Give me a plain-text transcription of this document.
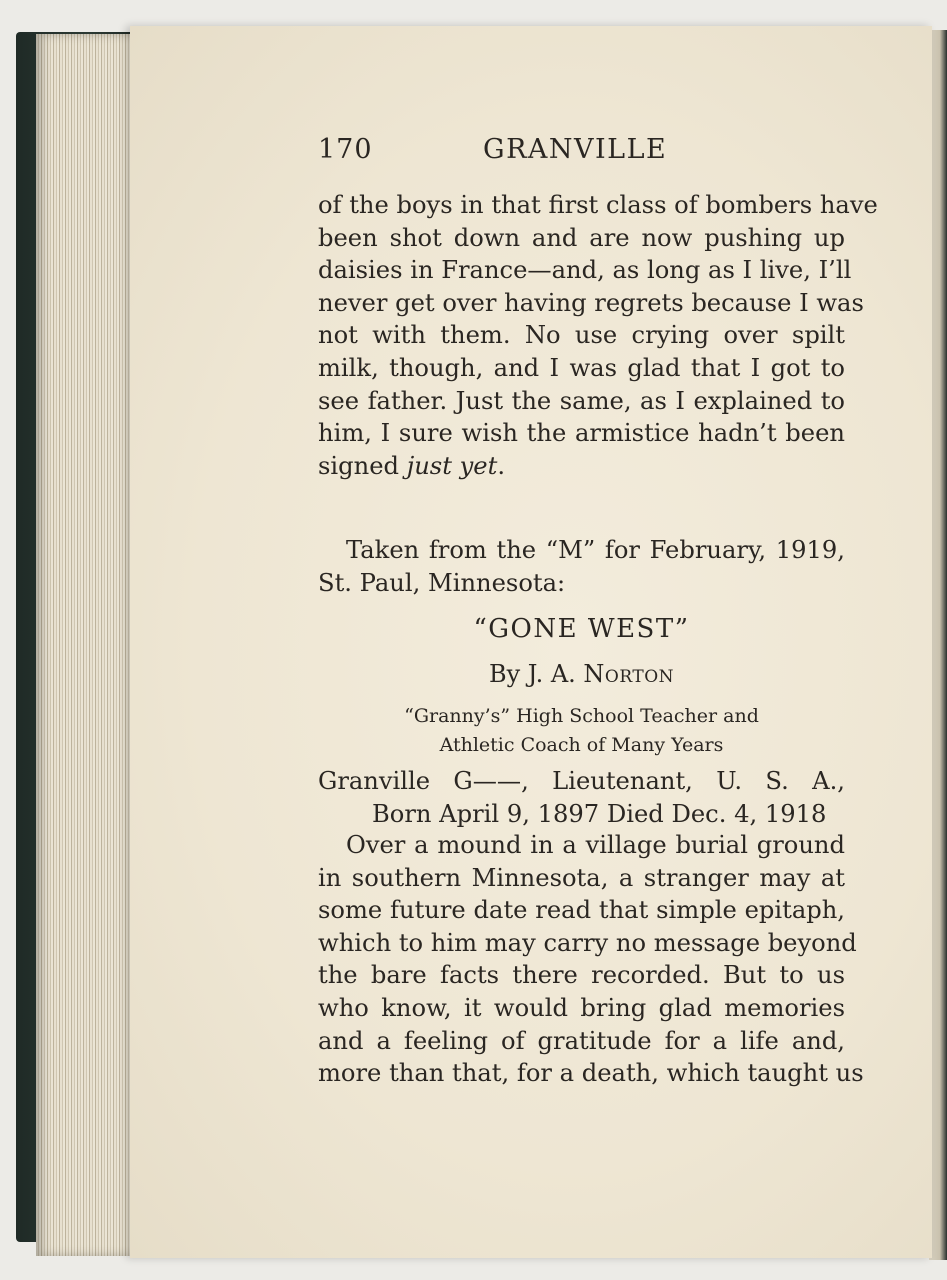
170	GRANVILLE
of the boys in that first class of bombers have
been shot down and are now pushing up
daisies in France—and, as long as I live, I’ll
never get over having regrets because I was
not with them. No use crying over spilt
milk, though, and I was glad that I got to
see father. Just the same, as I explained to
him, I sure wish the armistice hadn’t been
signed just yet.
Taken from the “M” for February, 1919,
St. Paul, Minnesota:
“GONE WEST”
By J. A. Norton
“Granny’s” High School Teacher and
Athletic Coach of Many Years
Granville G——, Lieutenant, U. S. A.,
Born April 9, 1897 Died Dec. 4, 1918
Over a mound in a village burial ground
in southern Minnesota, a stranger may at
some future date read that simple epitaph,
which to him may carry no message beyond
the bare facts there recorded. But to us
who know, it would bring glad memories
and a feeling of gratitude for a life and,
more than that, for a death, which taught us
